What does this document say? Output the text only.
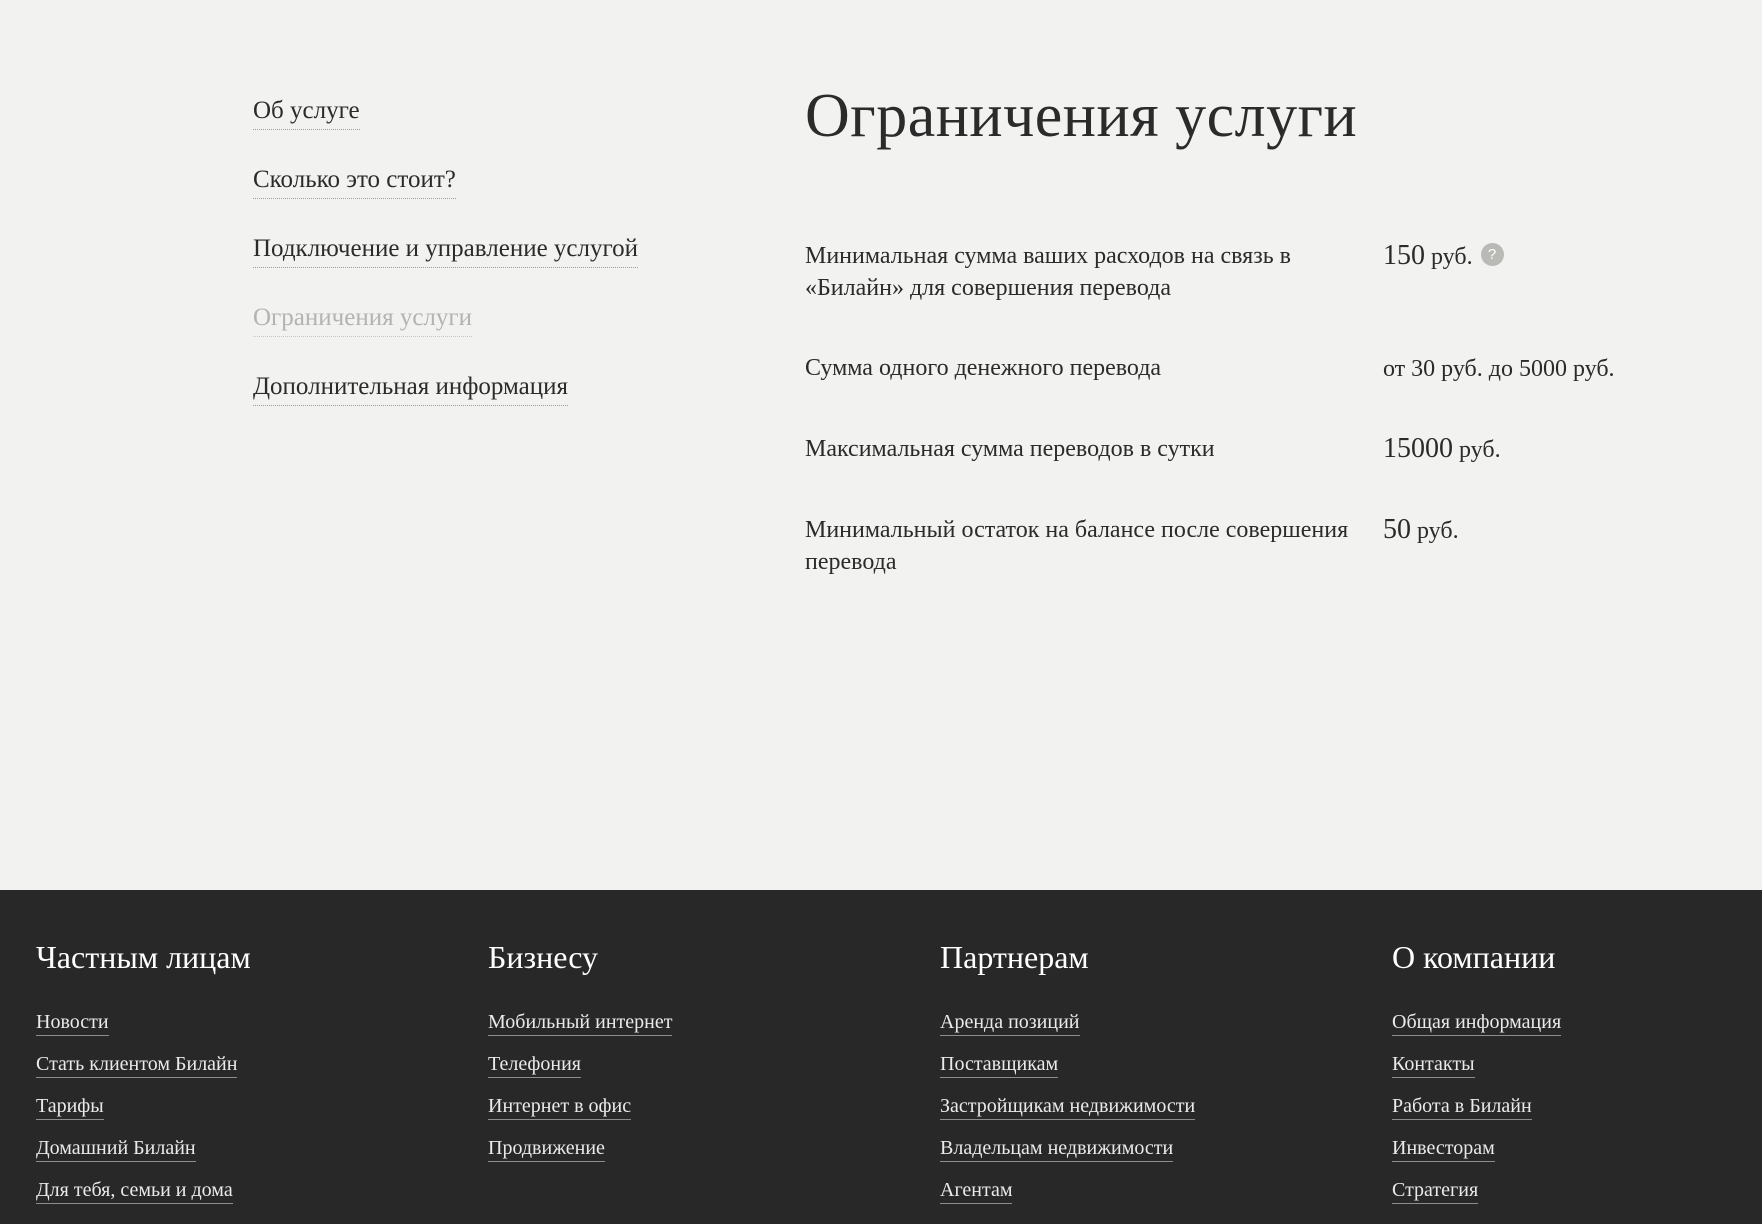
Об услуге
Сколько это стоит?
Подключение и управление услугой
Ограничения услуги
Дополнительная информация
Ограничения услуги
Минимальная сумма ваших расходов на связь в «Билайн» для совершения перевода	150 руб. ?
Сумма одного денежного перевода	от 30 руб. до 5000 руб.
Максимальная сумма переводов в сутки	15000 руб.
Минимальный остаток на балансе после совершения перевода	50 руб.
Частным лицам
Новости
Стать клиентом Билайн
Тарифы
Домашний Билайн
Для тебя, семьи и дома
Бизнесу
Мобильный интернет
Телефония
Интернет в офис
Продвижение
Партнерам
Аренда позиций
Поставщикам
Застройщикам недвижимости
Владельцам недвижимости
Агентам
О компании
Общая информация
Контакты
Работа в Билайн
Инвесторам
Стратегия
